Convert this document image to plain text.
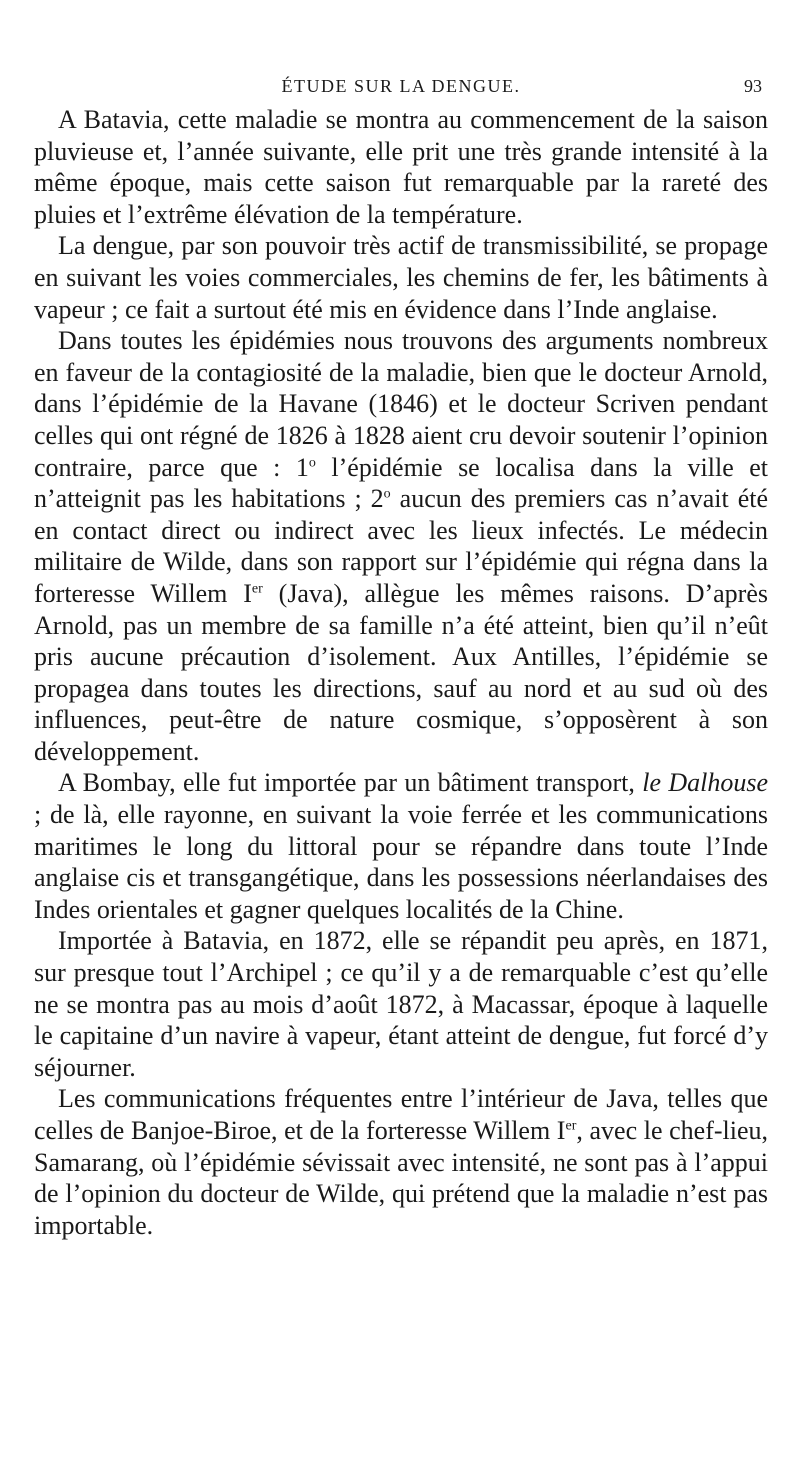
ÉTUDE SUR LA DENGUE.	93

A Batavia, cette maladie se montra au commencement de la saison pluvieuse et, l’année suivante, elle prit une très grande intensité à la même époque, mais cette saison fut remarquable par la rareté des pluies et l’extrême élévation de la température.

La dengue, par son pouvoir très actif de transmissibilité, se propage en suivant les voies commerciales, les chemins de fer, les bâtiments à vapeur ; ce fait a surtout été mis en évidence dans l’Inde anglaise.

Dans toutes les épidémies nous trouvons des arguments nombreux en faveur de la contagiosité de la maladie, bien que le docteur Arnold, dans l’épidémie de la Havane (1846) et le docteur Scriven pendant celles qui ont régné de 1826 à 1828 aient cru devoir soutenir l’opinion contraire, parce que : 1$^o$ l’épidémie se localisa dans la ville et n’atteignit pas les habitations ; 2$^o$ aucun des premiers cas n’avait été en contact direct ou indirect avec les lieux infectés. Le médecin militaire de Wilde, dans son rapport sur l’épidémie qui régna dans la forteresse Willem Ier (Java), allègue les mêmes raisons. D’après Arnold, pas un membre de sa famille n’a été atteint, bien qu’il n’eût pris aucune précaution d’isolement. Aux Antilles, l’épidémie se propagea dans toutes les directions, sauf au nord et au sud où des influences, peut-être de nature cosmique, s’opposèrent à son développement.

A Bombay, elle fut importée par un bâtiment transport, le Dalhouse ; de là, elle rayonne, en suivant la voie ferrée et les communications maritimes le long du littoral pour se répandre dans toute l’Inde anglaise cis et transgangétique, dans les possessions néerlandaises des Indes orientales et gagner quelques localités de la Chine.

Importée à Batavia, en 1872, elle se répandit peu après, en 1871, sur presque tout l’Archipel ; ce qu’il y a de remarquable c’est qu’elle ne se montra pas au mois d’août 1872, à Macassar, époque à laquelle le capitaine d’un navire à vapeur, étant atteint de dengue, fut forcé d’y séjourner.

Les communications fréquentes entre l’intérieur de Java, telles que celles de Banjoe-Biroe, et de la forteresse Willem Ier, avec le chef-lieu, Samarang, où l’épidémie sévissait avec intensité, ne sont pas à l’appui de l’opinion du docteur de Wilde, qui prétend que la maladie n’est pas importable.
